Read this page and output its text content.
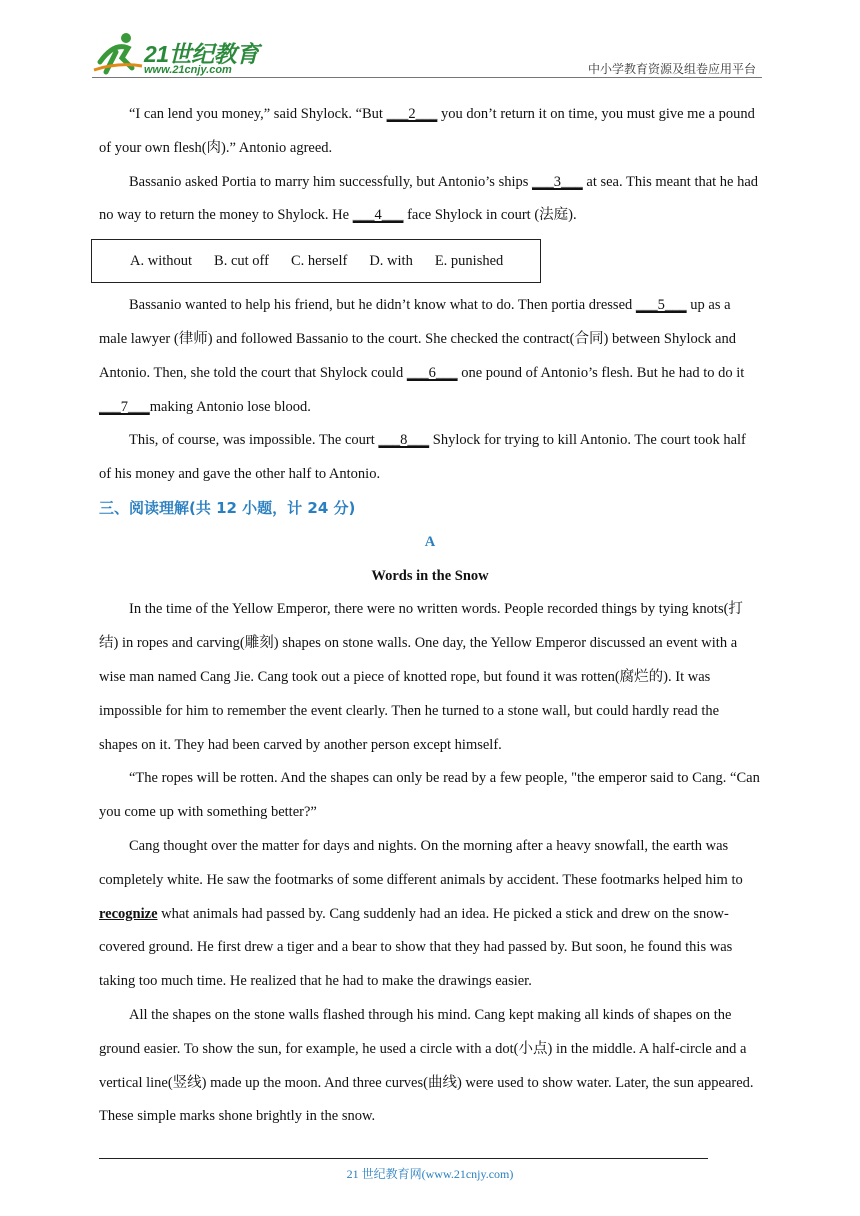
21世纪教育
www.21cnjy.com	中小学教育资源及组卷应用平台

“I can lend you money,” said Shylock. “But ___2___ you don’t return it on time, you must give me a pound of your own flesh(肉).” Antonio agreed.

Bassanio asked Portia to marry him successfully, but Antonio’s ships ___3___ at sea. This meant that he had no way to return the money to Shylock. He ___4___ face Shylock in court (法庭).

A. without B. cut off C. herself D. with E. punished

Bassanio wanted to help his friend, but he didn’t know what to do. Then portia dressed ___5___ up as a male lawyer (律师) and followed Bassanio to the court. She checked the contract(合同) between Shylock and Antonio. Then, she told the court that Shylock could ___6___ one pound of Antonio’s flesh. But he had to do it ___7___making Antonio lose blood.

This, of course, was impossible. The court ___8___ Shylock for trying to kill Antonio. The court took half of his money and gave the other half to Antonio.

三、阅读理解(共 12 小题，计 24 分)

A

Words in the Snow

In the time of the Yellow Emperor, there were no written words. People recorded things by tying knots(打结) in ropes and carving(雕刻) shapes on stone walls. One day, the Yellow Emperor discussed an event with a wise man named Cang Jie. Cang took out a piece of knotted rope, but found it was rotten(腐烂的). It was impossible for him to remember the event clearly. Then he turned to a stone wall, but could hardly read the shapes on it. They had been carved by another person except himself.

“The ropes will be rotten. And the shapes can only be read by a few people, "the emperor said to Cang. “Can you come up with something better?”

Cang thought over the matter for days and nights. On the morning after a heavy snowfall, the earth was completely white. He saw the footmarks of some different animals by accident. These footmarks helped him to recognize what animals had passed by. Cang suddenly had an idea. He picked a stick and drew on the snow-covered ground. He first drew a tiger and a bear to show that they had passed by. But soon, he found this was taking too much time. He realized that he had to make the drawings easier.

All the shapes on the stone walls flashed through his mind. Cang kept making all kinds of shapes on the ground easier. To show the sun, for example, he used a circle with a dot(小点) in the middle. A half-circle and a vertical line(竖线) made up the moon. And three curves(曲线) were used to show water. Later, the sun appeared. These simple marks shone brightly in the snow.

21 世纪教育网(www.21cnjy.com)
